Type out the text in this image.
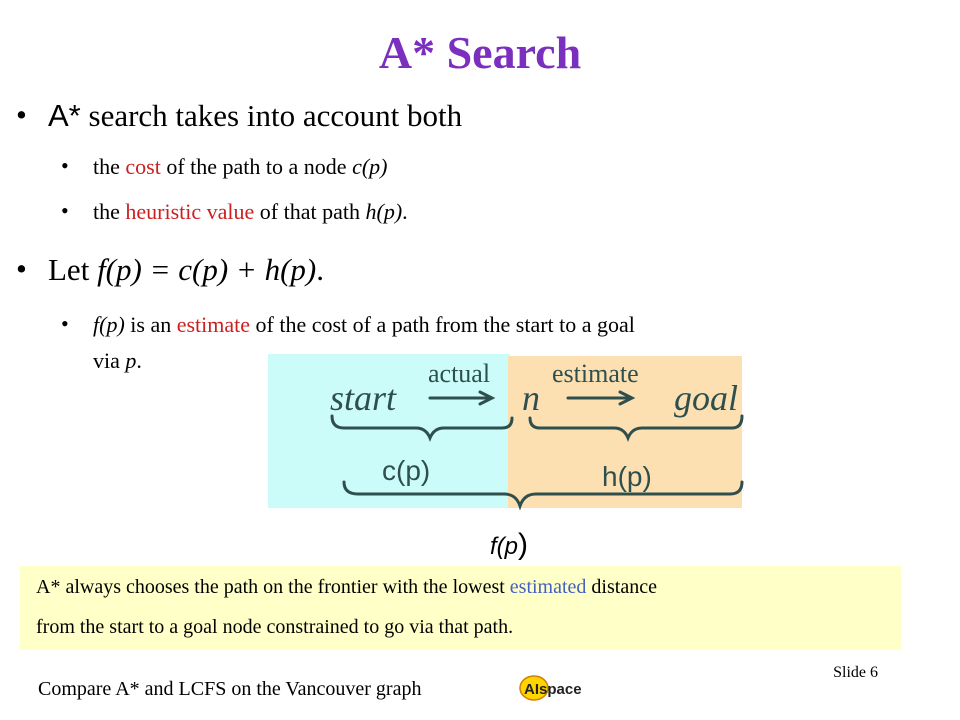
A* Search
• A* search takes into account both
• the cost of the path to a node c(p)
• the heuristic value of that path h(p).
• Let f(p) = c(p) + h(p).
• f(p) is an estimate of the cost of a path from the start to a goal
via p.
start
actual
n
estimate
goal
c(p)	h(p)
f(p)
A* always chooses the path on the frontier with the lowest estimated distance
from the start to a goal node constrained to go via that path.
Slide 6
Compare A* and LCFS on the Vancouver graph	AIspace
